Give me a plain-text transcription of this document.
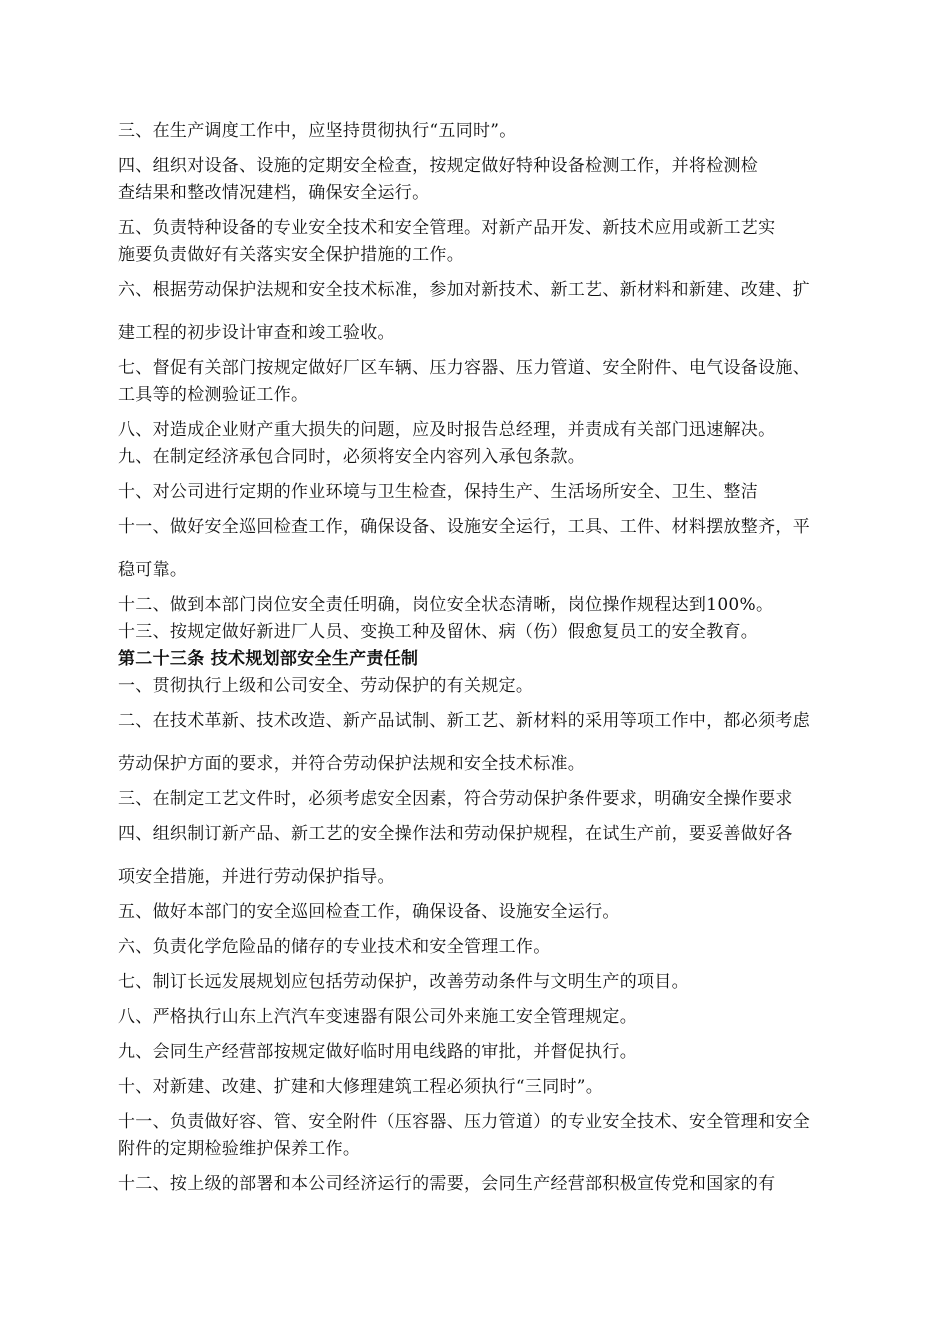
三、在生产调度工作中，应坚持贯彻执行“五同时”。

四、组织对设备、设施的定期安全检查，按规定做好特种设备检测工作，并将检测检

查结果和整改情况建档，确保安全运行。

五、负责特种设备的专业安全技术和安全管理。对新产品开发、新技术应用或新工艺实

施要负责做好有关落实安全保护措施的工作。

六、根据劳动保护法规和安全技术标准，参加对新技术、新工艺、新材料和新建、改建、扩

建工程的初步设计审查和竣工验收。

七、督促有关部门按规定做好厂区车辆、压力容器、压力管道、安全附件、电气设备设施、

工具等的检测验证工作。

八、对造成企业财产重大损失的问题，应及时报告总经理，并责成有关部门迅速解决。

九、在制定经济承包合同时，必须将安全内容列入承包条款。

十、对公司进行定期的作业环境与卫生检查，保持生产、生活场所安全、卫生、整洁

十一、做好安全巡回检查工作，确保设备、设施安全运行，工具、工件、材料摆放整齐，平

稳可靠。

十二、做到本部门岗位安全责任明确，岗位安全状态清晰，岗位操作规程达到100%。

十三、按规定做好新进厂人员、变换工种及留休、病（伤）假愈复员工的安全教育。

第二十三条 技术规划部安全生产责任制

一、贯彻执行上级和公司安全、劳动保护的有关规定。

二、在技术革新、技术改造、新产品试制、新工艺、新材料的采用等项工作中，都必须考虑

劳动保护方面的要求，并符合劳动保护法规和安全技术标准。

三、在制定工艺文件时，必须考虑安全因素，符合劳动保护条件要求，明确安全操作要求

四、组织制订新产品、新工艺的安全操作法和劳动保护规程，在试生产前，要妥善做好各

项安全措施，并进行劳动保护指导。

五、做好本部门的安全巡回检查工作，确保设备、设施安全运行。

六、负责化学危险品的储存的专业技术和安全管理工作。

七、制订长远发展规划应包括劳动保护，改善劳动条件与文明生产的项目。

八、严格执行山东上汽汽车变速器有限公司外来施工安全管理规定。

九、会同生产经营部按规定做好临时用电线路的审批，并督促执行。

十、对新建、改建、扩建和大修理建筑工程必须执行“三同时”。

十一、负责做好容、管、安全附件（压容器、压力管道）的专业安全技术、安全管理和安全

附件的定期检验维护保养工作。

十二、按上级的部署和本公司经济运行的需要，会同生产经营部积极宣传党和国家的有
